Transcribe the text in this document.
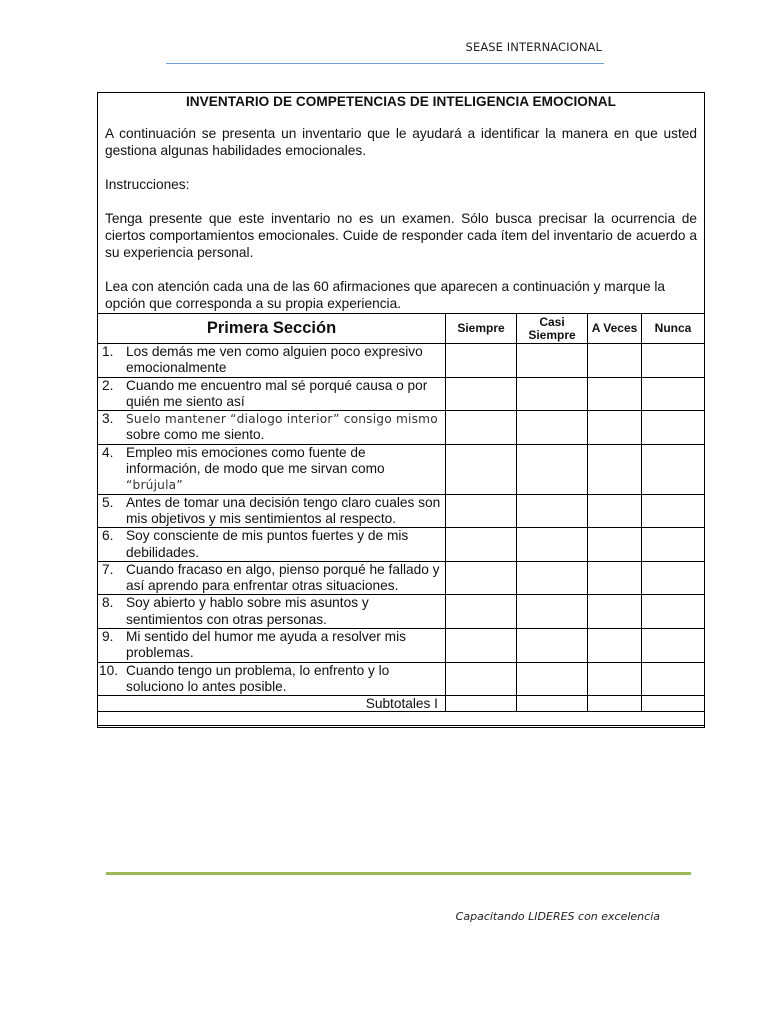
SEASE INTERNACIONAL
INVENTARIO DE COMPETENCIAS DE INTELIGENCIA EMOCIONAL

A continuación se presenta un inventario que le ayudará a identificar la manera en que usted gestiona algunas habilidades emocionales.

Instrucciones:

Tenga presente que este inventario no es un examen. Sólo busca precisar la ocurrencia de ciertos comportamientos emocionales. Cuide de responder cada ítem del inventario de acuerdo a su experiencia personal.

Lea con atención cada una de las 60 afirmaciones que aparecen a continuación y marque la opción que corresponda a su propia experiencia.

Primera Sección	Siempre	Casi Siempre	A Veces	Nunca

1. Los demás me ven como alguien poco expresivo emocionalmente				

2. Cuando me encuentro mal sé porqué causa o por quién me siento así				

3. Suelo mantener “dialogo interior” consigo mismo
sobre como me siento.				

4. Empleo mis emociones como fuente de información, de modo que me sirvan como
“brújula”				

5. Antes de tomar una decisión tengo claro cuales son mis objetivos y mis sentimientos al respecto.				

6. Soy consciente de mis puntos fuertes y de mis debilidades.				

7. Cuando fracaso en algo, pienso porqué he fallado y así aprendo para enfrentar otras situaciones.				

8. Soy abierto y hablo sobre mis asuntos y sentimientos con otras personas.				

9. Mi sentido del humor me ayuda a resolver mis problemas.				

10. Cuando tengo un problema, lo enfrento y lo soluciono lo antes posible.				
Subtotales I				

Capacitando LIDERES con excelencia
